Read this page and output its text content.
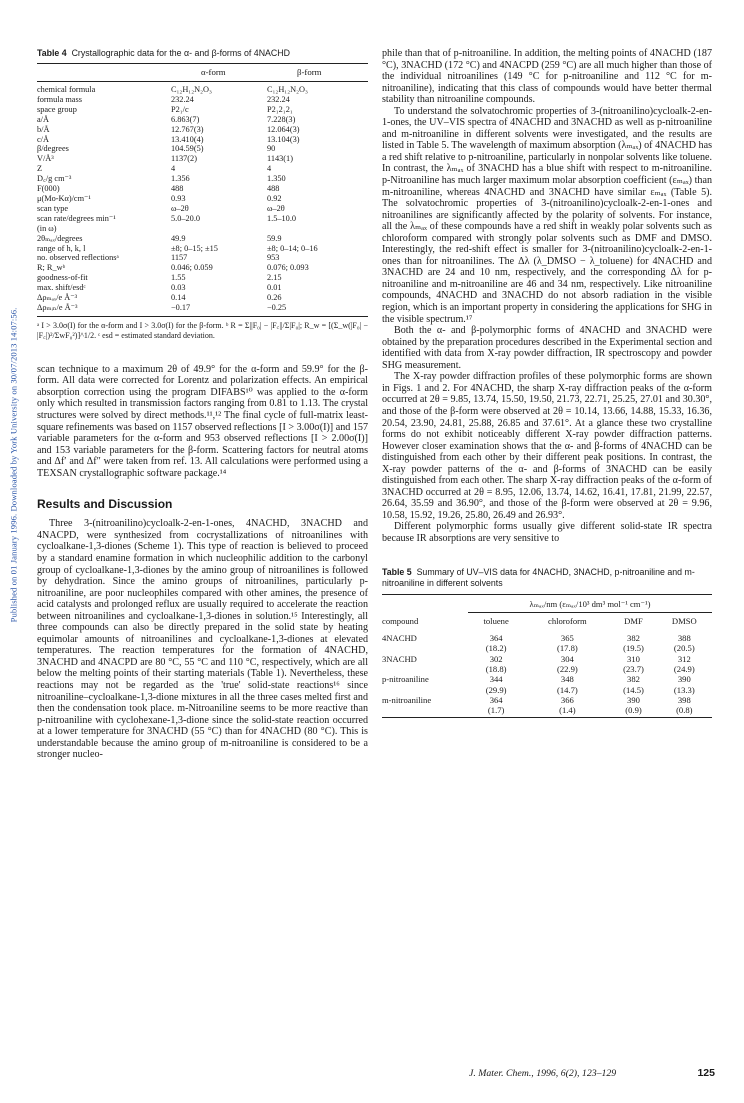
Published on 01 January 1996. Downloaded by York University on 30/07/2013 14:07:56.
Table 4 Crystallographic data for the α- and β-forms of 4NACHD
α-form	β-form
chemical formula	C₁₂H₁₂N₂O₃	C₁₂H₁₂N₂O₃
formula mass	232.24	232.24
space group	P2₁/c	P2₁2₁2₁
a/Å	6.863(7)	7.228(3)
b/Å	12.767(3)	12.064(3)
c/Å	13.410(4)	13.104(3)
β/degrees	104.59(5)	90
V/Å³	1137(2)	1143(1)
Z	4	4
D꜀/g cm⁻³	1.356	1.350
F(000)	488	488
μ(Mo-Kα)/cm⁻¹	0.93	0.92
scan type	ω–2θ	ω–2θ
scan rate/degrees min⁻¹	5.0–20.0	1.5–10.0
(in ω)		
2θₘₐₓ/degrees	49.9	59.9
range of h, k, l	±8; 0–15; ±15	±8; 0–14; 0–16
no. observed reflectionsᵃ	1157	953
R; R_wᵇ	0.046; 0.059	0.076; 0.093
goodness-of-fit	1.55	2.15
max. shift/esdᶜ	0.03	0.01
Δρₘₐₓ/e Å⁻³	0.14	0.26
Δρₘᵢₙ/e Å⁻³	−0.17	−0.25
ᵃ I > 3.0σ(I) for the α-form and I > 3.0σ(I) for the β-form. ᵇ R = Σ||F₀| − |F꜀||/Σ|F₀|; R_w = [(Σ_w(|F₀| − |F꜀|)²/ΣwF₀²)]^1/2. ᶜ esd = estimated standard deviation.

scan technique to a maximum 2θ of 49.9° for the α-form and 59.9° for the β-form. All data were corrected for Lorentz and polarization effects. An empirical absorption correction using the program DIFABS¹⁰ was applied to the α-form only which resulted in transmission factors ranging from 0.81 to 1.13. The crystal structures were solved by direct methods.¹¹,¹² The final cycle of full-matrix least-square refinements was based on 1157 observed reflections [I > 3.00σ(I)] and 157 variable parameters for the α-form and 953 observed reflections [I > 2.00σ(I)] and 153 variable parameters for the β-form. Scattering factors for neutral atoms and Δf′ and Δf″ were taken from ref. 13. All calculations were performed using a TEXSAN crystallographic software package.¹⁴

Results and Discussion

Three 3-(nitroanilino)cycloalk-2-en-1-ones, 4NACHD, 3NACHD and 4NACPD, were synthesized from cocrystallizations of nitroanilines with cycloalkane-1,3-diones (Scheme 1). This type of reaction is believed to proceed by a standard enamine formation in which nucleophilic addition to the carbonyl group of cycloalkane-1,3-diones by the amino group of nitroanilines is followed by dehydration. Since the amino groups of nitroanilines, particularly p-nitroaniline, are poor nucleophiles compared with other amines, the presence of acid catalysts and prolonged reflux are usually required to accelerate the reaction between nitroanilines and cycloalkane-1,3-diones in solution.¹⁵ Interestingly, all three compounds can also be directly prepared in the solid state by heating equimolar amounts of nitroanilines and cycloalkane-1,3-diones at elevated temperatures. The reaction temperatures for the formation of 4NACHD, 3NACHD and 4NACPD are 80 °C, 55 °C and 110 °C, respectively, which are all below the melting points of their starting materials (Table 1). Nevertheless, these reactions may not be regarded as the 'true' solid-state reactions¹⁶ since nitroaniline–cycloalkane-1,3-dione mixtures in all the three cases melted first and then the condensation took place. m-Nitroaniline seems to be more reactive than p-nitroaniline with cyclohexane-1,3-dione since the solid-state reaction occurred at a lower temperature for 3NACHD (55 °C) than for 4NACHD (80 °C). This is understandable because the amino group of m-nitroaniline is considered to be a stronger nucleo-

phile than that of p-nitroaniline. In addition, the melting points of 4NACHD (187 °C), 3NACHD (172 °C) and 4NACPD (259 °C) are all much higher than those of the individual nitroanilines (149 °C for p-nitroaniline and 112 °C for m-nitroaniline), indicating that this class of compounds would have better thermal stability than nitroaniline compounds.

To understand the solvatochromic properties of 3-(nitroanilino)cycloalk-2-en-1-ones, the UV–VIS spectra of 4NACHD and 3NACHD as well as p-nitroaniline and m-nitroaniline in different solvents were investigated, and the results are listed in Table 5. The wavelength of maximum absorption (λₘₐₓ) of 4NACHD has a red shift relative to p-nitroaniline, particularly in nonpolar solvents like toluene. In contrast, the λₘₐₓ of 3NACHD has a blue shift with respect to m-nitroaniline. p-Nitroaniline has much larger maximum molar absorption coefficient (εₘₐₓ) than m-nitroaniline, whereas 4NACHD and 3NACHD have similar εₘₐₓ (Table 5). The solvatochromic properties of 3-(nitroanilino)cycloalk-2-en-1-ones and nitroanilines are significantly affected by the polarity of solvents. For instance, all the λₘₐₓ of these compounds have a red shift in weakly polar solvents such as chloroform compared with strongly polar solvents such as DMF and DMSO. Interestingly, the red-shift effect is smaller for 3-(nitroanilino)cycloalk-2-en-1-ones than for nitroanilines. The Δλ (λ_DMSO − λ_toluene) for 4NACHD and 3NACHD are 24 and 10 nm, respectively, and the corresponding Δλ for p-nitroaniline and m-nitroaniline are 46 and 34 nm, respectively. Like nitroaniline compounds, 4NACHD and 3NACHD do not absorb radiation in the visible region, which is an important property in considering the applications for SHG in the visible spectrum.¹⁷

Both the α- and β-polymorphic forms of 4NACHD and 3NACHD were obtained by the preparation procedures described in the Experimental section and identified with data from X-ray powder diffraction, IR spectroscopy and powder SHG measurement.

The X-ray powder diffraction profiles of these polymorphic forms are shown in Figs. 1 and 2. For 4NACHD, the sharp X-ray diffraction peaks of the α-form occurred at 2θ = 9.85, 13.74, 15.50, 19.50, 21.73, 22.71, 25.25, 27.01 and 30.30°, and those of the β-form were observed at 2θ = 10.14, 13.66, 14.88, 15.33, 16.36, 20.54, 23.90, 24.81, 25.88, 26.85 and 37.61°. At a glance these two crystalline forms do not exhibit noticeably different X-ray powder diffraction patterns. However closer examination shows that the α- and β-forms of 4NACHD can be distinguished from each other by their different peak positions. In contrast, the X-ray powder patterns of the α- and β-forms of 3NACHD can be easily distinguished from each other. The sharp X-ray diffraction peaks of the α-form of 3NACHD occurred at 2θ = 8.95, 12.06, 13.74, 14.62, 16.41, 17.81, 21.99, 22.57, 26.64, 35.59 and 36.90°, and those of the β-form were observed at 2θ = 9.96, 10.58, 15.92, 19.26, 25.80, 26.49 and 26.93°.

Different polymorphic forms usually give different solid-state IR spectra because IR absorptions are very sensitive to

Table 5 Summary of UV–VIS data for 4NACHD, 3NACHD, p-nitroaniline and m-nitroaniline in different solvents
	λₘₐₓ/nm (εₘₐₓ/10³ dm³ mol⁻¹ cm⁻¹)			
compound	toluene	chloroform	DMF	DMSO
4NACHD	364	365	382	388
	(18.2)	(17.8)	(19.5)	(20.5)
3NACHD	302	304	310	312
	(18.8)	(22.9)	(23.7)	(24.9)
p-nitroaniline	344	348	382	390
	(29.9)	(14.7)	(14.5)	(13.3)
m-nitroaniline	364	366	390	398
	(1.7)	(1.4)	(0.9)	(0.8)
J. Mater. Chem., 1996, 6(2), 123–129	125
